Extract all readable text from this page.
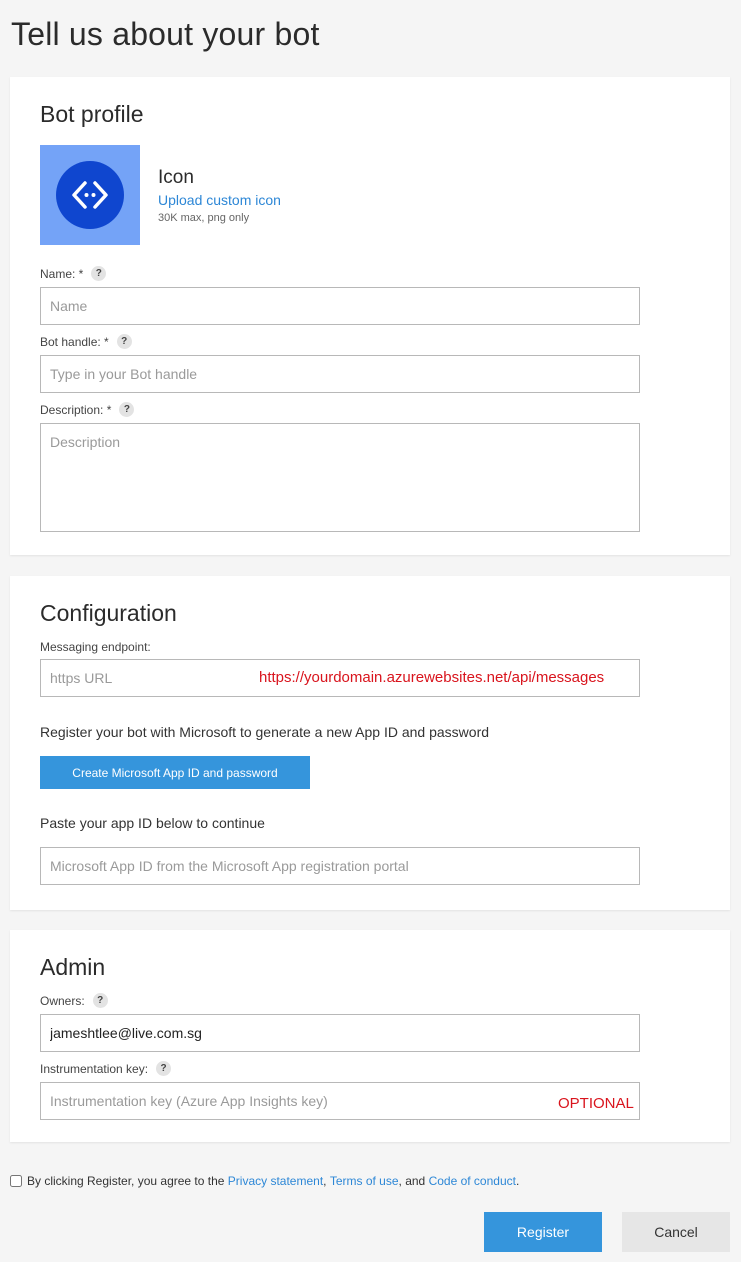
Tell us about your bot
Bot profile
Icon
Upload custom icon
30K max, png only
Name: *	?
Name
Bot handle: *	?
Type in your Bot handle
Description: *	?
Description
Configuration
Messaging endpoint:
https URL
https://yourdomain.azurewebsites.net/api/messages
Register your bot with Microsoft to generate a new App ID and password
Create Microsoft App ID and password
Paste your app ID below to continue
Microsoft App ID from the Microsoft App registration portal
Admin
Owners:	?
jameshtlee@live.com.sg
Instrumentation key:	?
Instrumentation key (Azure App Insights key)
OPTIONAL
By clicking Register, you agree to the Privacy statement , Terms of use , and Code of conduct .
Register	Cancel
